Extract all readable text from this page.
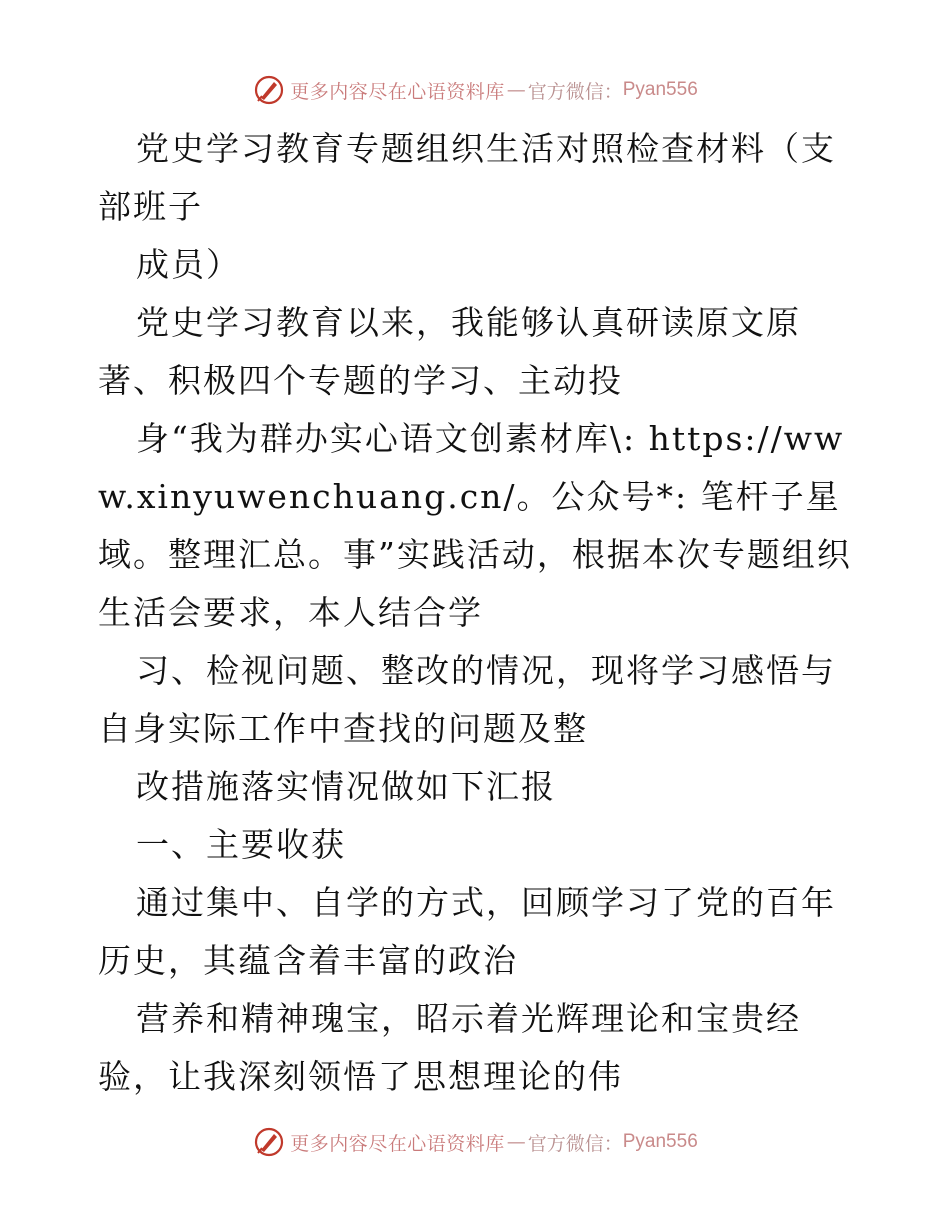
更多内容尽在心语资料库 — 官方微信： Pyan556

党史学习教育专题组织生活对照检查材料（支部班子

成员）

党史学习教育以来，我能够认真研读原文原著、积极四个专题的学习、主动投

身“我为群办实心语文创素材库\: https://www.xinyuwenchuang.cn/。公众号*: 笔杆子星域。整理汇总。事”实践活动，根据本次专题组织生活会要求，本人结合学

习、检视问题、整改的情况，现将学习感悟与自身实际工作中查找的问题及整

改措施落实情况做如下汇报

一、主要收获

通过集中、自学的方式，回顾学习了党的百年历史，其蕴含着丰富的政治

营养和精神瑰宝，昭示着光辉理论和宝贵经验，让我深刻领悟了思想理论的伟

更多内容尽在心语资料库 — 官方微信： Pyan556
